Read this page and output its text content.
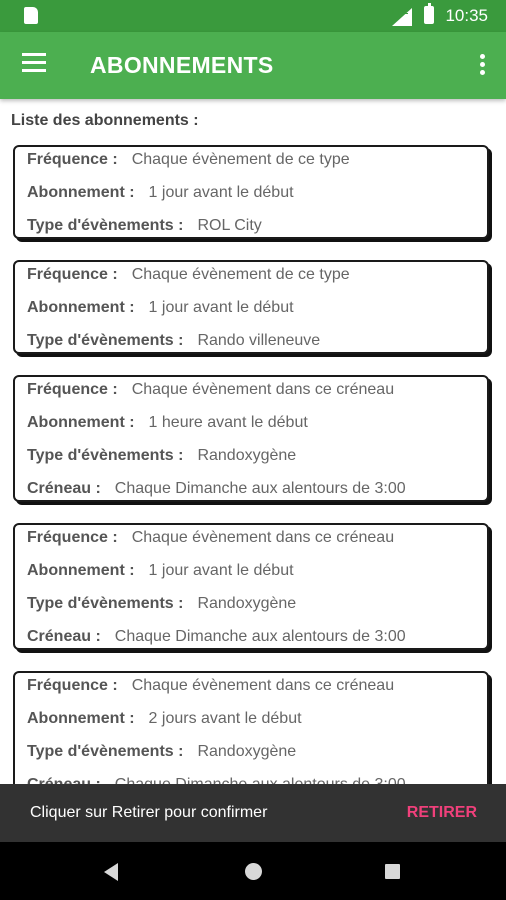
LTE 10:35
ABONNEMENTS
Liste des abonnements :
Fréquence : Chaque évènement de ce type
Abonnement : 1 jour avant le début
Type d'évènements : ROL City
Fréquence : Chaque évènement de ce type
Abonnement : 1 jour avant le début
Type d'évènements : Rando villeneuve
Fréquence : Chaque évènement dans ce créneau
Abonnement : 1 heure avant le début
Type d'évènements : Randoxygène
Créneau : Chaque Dimanche aux alentours de 3:00
Fréquence : Chaque évènement dans ce créneau
Abonnement : 1 jour avant le début
Type d'évènements : Randoxygène
Créneau : Chaque Dimanche aux alentours de 3:00
Fréquence : Chaque évènement dans ce créneau
Abonnement : 2 jours avant le début
Type d'évènements : Randoxygène
Cliquer sur Retirer pour confirmer	RETIRER
